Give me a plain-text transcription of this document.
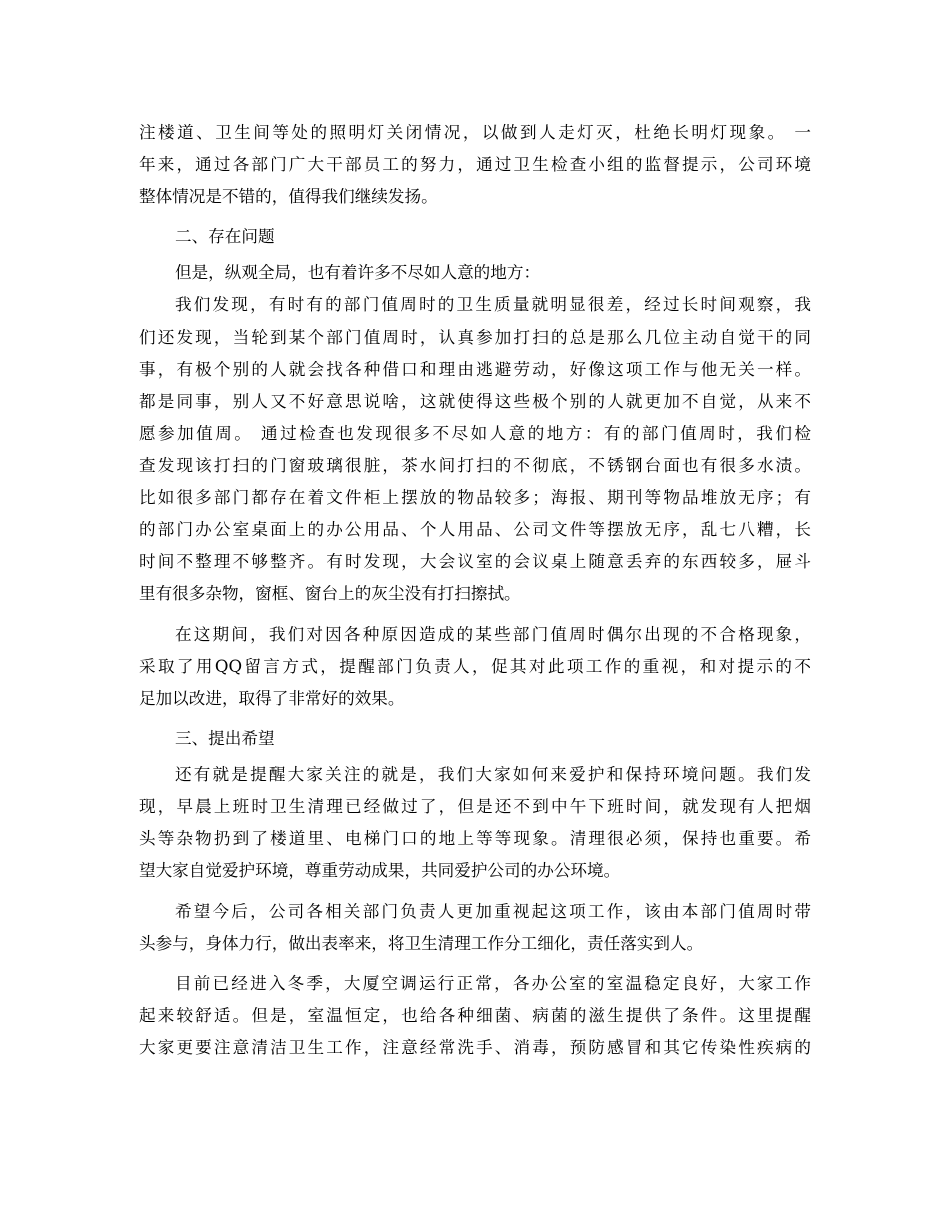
注楼道、卫生间等处的照明灯关闭情况，以做到人走灯灭，杜绝长明灯现象。 一
年来，通过各部门广大干部员工的努力，通过卫生检查小组的监督提示，公司环境
整体情况是不错的，值得我们继续发扬。
二、存在问题
但是，纵观全局，也有着许多不尽如人意的地方：
我们发现，有时有的部门值周时的卫生质量就明显很差，经过长时间观察，我
们还发现，当轮到某个部门值周时，认真参加打扫的总是那么几位主动自觉干的同
事，有极个别的人就会找各种借口和理由逃避劳动，好像这项工作与他无关一样。
都是同事，别人又不好意思说啥，这就使得这些极个别的人就更加不自觉，从来不
愿参加值周。 通过检查也发现很多不尽如人意的地方：有的部门值周时，我们检
查发现该打扫的门窗玻璃很脏，茶水间打扫的不彻底，不锈钢台面也有很多水渍。
比如很多部门都存在着文件柜上摆放的物品较多；海报、期刊等物品堆放无序；有
的部门办公室桌面上的办公用品、个人用品、公司文件等摆放无序，乱七八糟，长
时间不整理不够整齐。有时发现，大会议室的会议桌上随意丢弃的东西较多，屉斗
里有很多杂物，窗框、窗台上的灰尘没有打扫擦拭。
在这期间，我们对因各种原因造成的某些部门值周时偶尔出现的不合格现象，
采取了用QQ留言方式，提醒部门负责人，促其对此项工作的重视，和对提示的不
足加以改进，取得了非常好的效果。
三、提出希望
还有就是提醒大家关注的就是，我们大家如何来爱护和保持环境问题。我们发
现，早晨上班时卫生清理已经做过了，但是还不到中午下班时间，就发现有人把烟
头等杂物扔到了楼道里、电梯门口的地上等等现象。清理很必须，保持也重要。希
望大家自觉爱护环境，尊重劳动成果，共同爱护公司的办公环境。
希望今后，公司各相关部门负责人更加重视起这项工作，该由本部门值周时带
头参与，身体力行，做出表率来，将卫生清理工作分工细化，责任落实到人。
目前已经进入冬季，大厦空调运行正常，各办公室的室温稳定良好，大家工作
起来较舒适。但是，室温恒定，也给各种细菌、病菌的滋生提供了条件。这里提醒
大家更要注意清洁卫生工作，注意经常洗手、消毒，预防感冒和其它传染性疾病的
